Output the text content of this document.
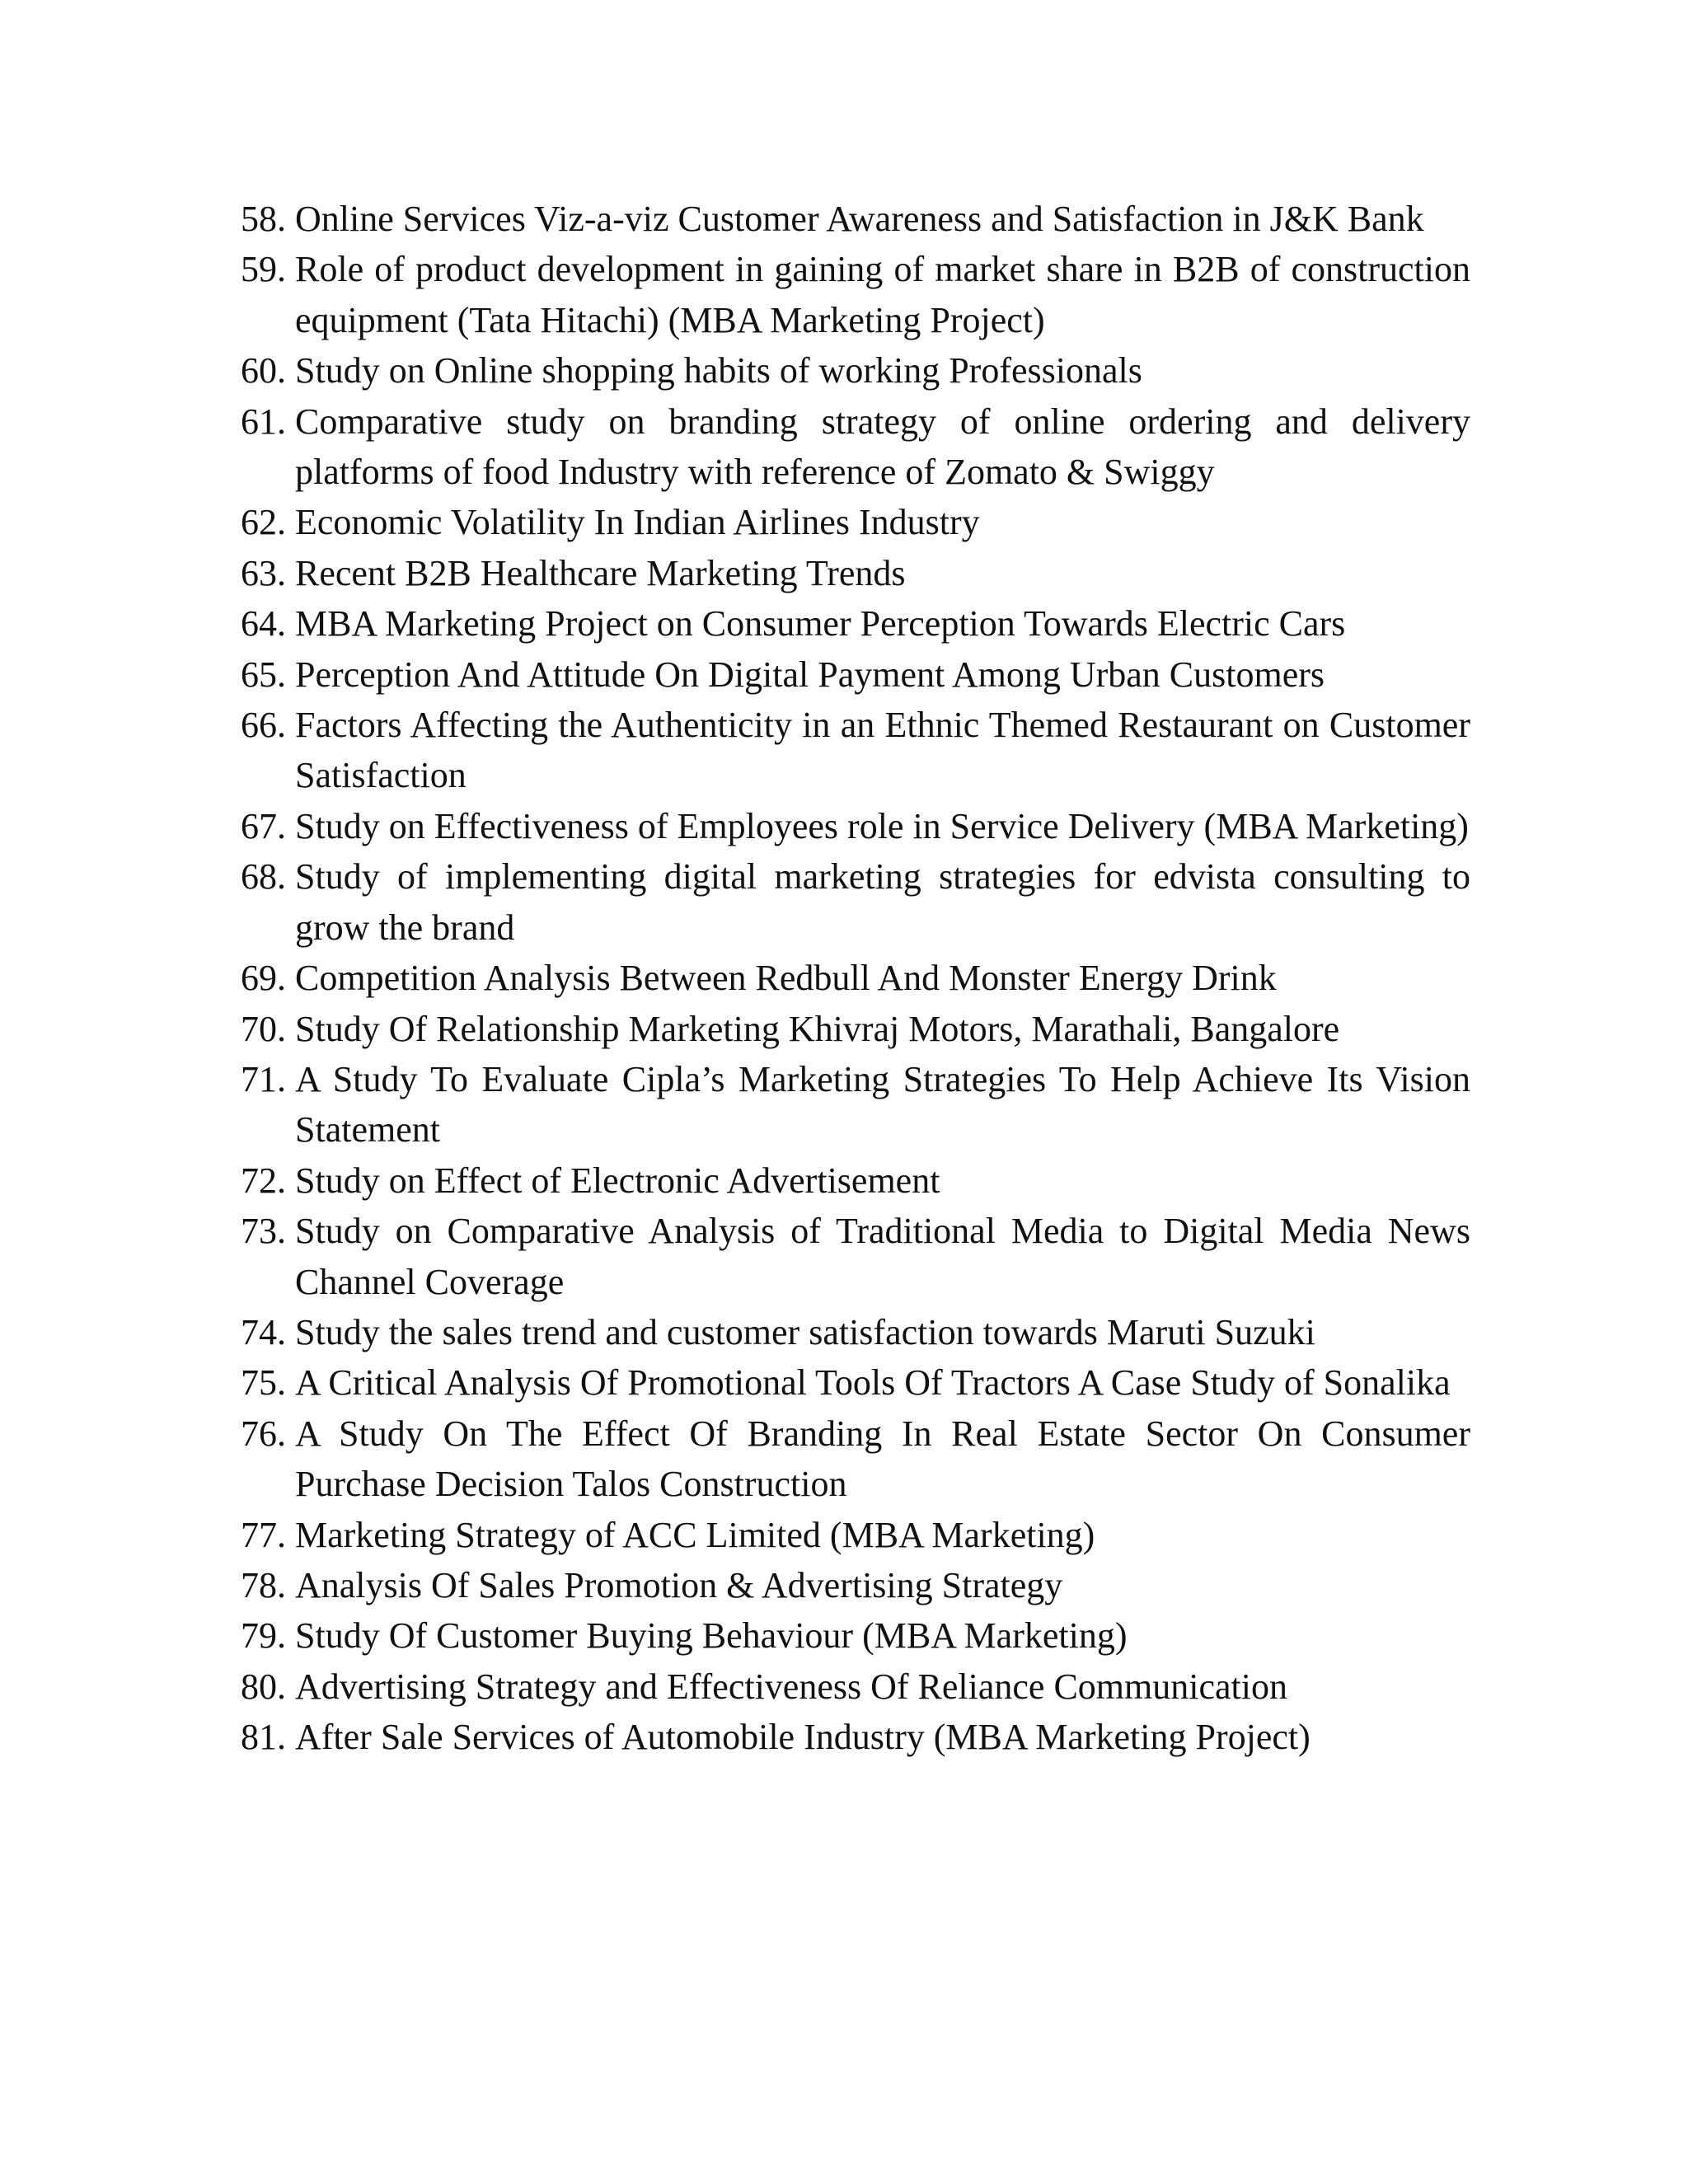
58. Online Services Viz-a-viz Customer Awareness and Satisfaction in J&K Bank
59. Role of product development in gaining of market share in B2B of construction equipment (Tata Hitachi) (MBA Marketing Project)
60. Study on Online shopping habits of working Professionals
61. Comparative study on branding strategy of online ordering and delivery platforms of food Industry with reference of Zomato & Swiggy
62. Economic Volatility In Indian Airlines Industry
63. Recent B2B Healthcare Marketing Trends
64. MBA Marketing Project on Consumer Perception Towards Electric Cars
65. Perception And Attitude On Digital Payment Among Urban Customers
66. Factors Affecting the Authenticity in an Ethnic Themed Restaurant on Customer Satisfaction
67. Study on Effectiveness of Employees role in Service Delivery (MBA Marketing)
68. Study of implementing digital marketing strategies for edvista consulting to grow the brand
69. Competition Analysis Between Redbull And Monster Energy Drink
70. Study Of Relationship Marketing Khivraj Motors, Marathali, Bangalore
71. A Study To Evaluate Cipla’s Marketing Strategies To Help Achieve Its Vision Statement
72. Study on Effect of Electronic Advertisement
73. Study on Comparative Analysis of Traditional Media to Digital Media News Channel Coverage
74. Study the sales trend and customer satisfaction towards Maruti Suzuki
75. A Critical Analysis Of Promotional Tools Of Tractors A Case Study of Sonalika
76. A Study On The Effect Of Branding In Real Estate Sector On Consumer Purchase Decision Talos Construction
77. Marketing Strategy of ACC Limited (MBA Marketing)
78. Analysis Of Sales Promotion & Advertising Strategy
79. Study Of Customer Buying Behaviour (MBA Marketing)
80. Advertising Strategy and Effectiveness Of Reliance Communication
81. After Sale Services of Automobile Industry (MBA Marketing Project)
